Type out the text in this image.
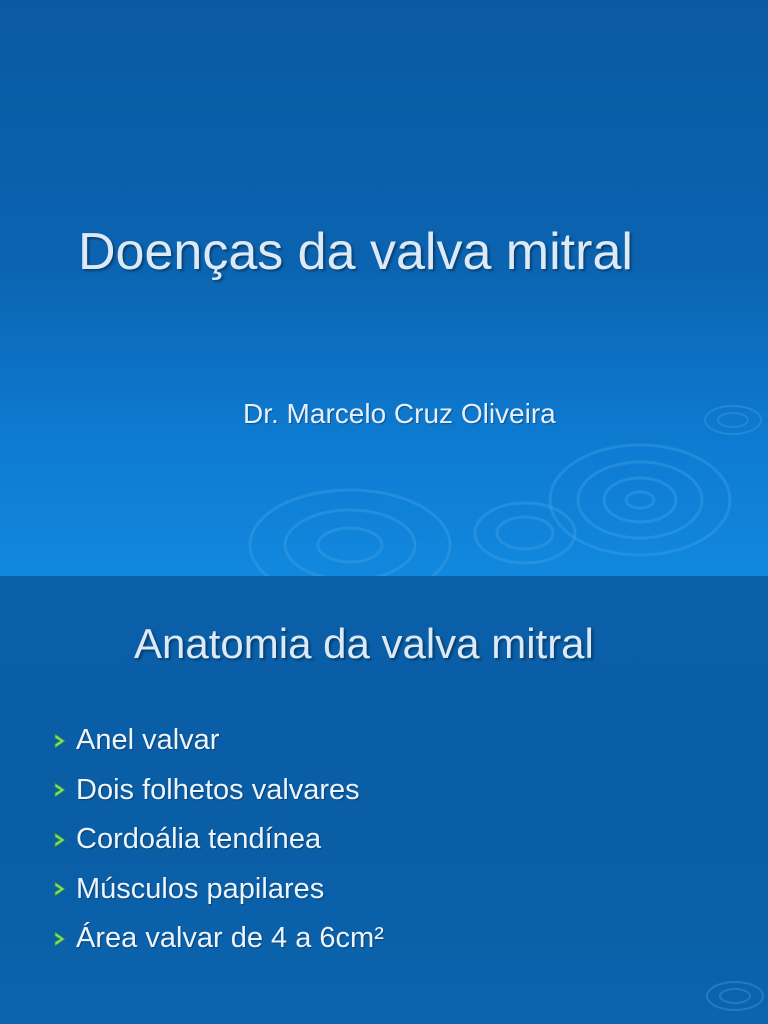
Doenças da valva mitral
Dr. Marcelo Cruz Oliveira
Anatomia da valva mitral
Anel valvar
Dois folhetos valvares
Cordoália tendínea
Músculos papilares
Área valvar de 4 a 6cm²
